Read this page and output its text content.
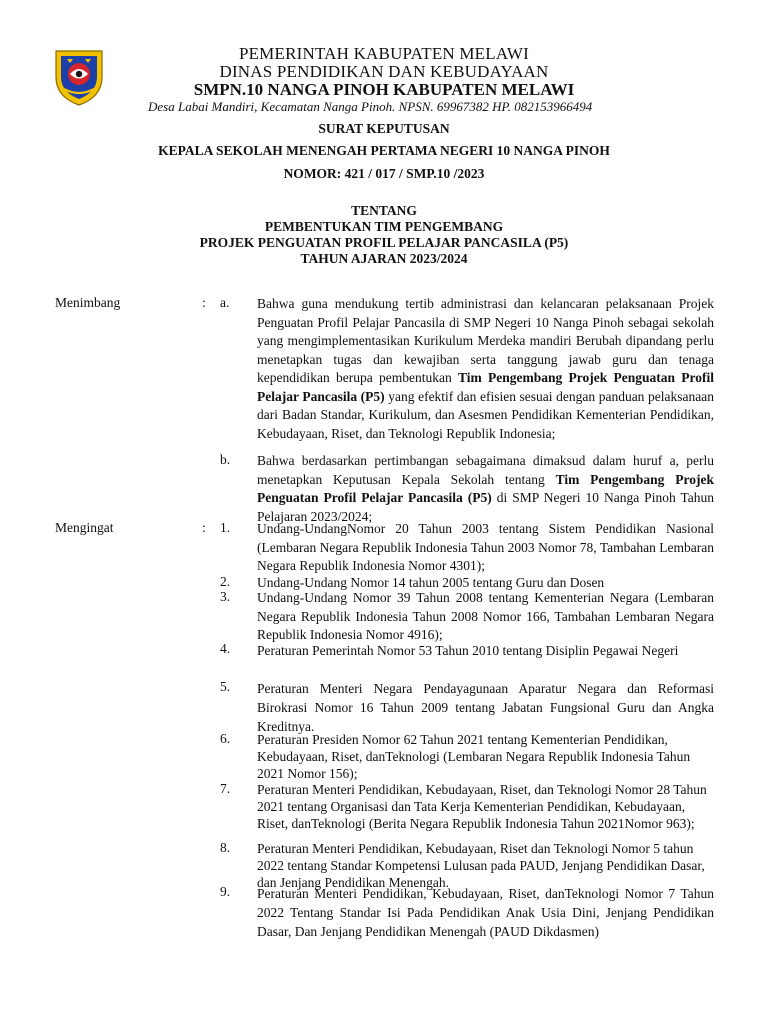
PEMERINTAH KABUPATEN MELAWI
DINAS PENDIDIKAN DAN KEBUDAYAAN
SMPN.10 NANGA PINOH KABUPATEN MELAWI
Desa Labai Mandiri, Kecamatan Nanga Pinoh. NPSN. 69967382 HP. 082153966494
SURAT KEPUTUSAN
KEPALA SEKOLAH MENENGAH PERTAMA NEGERI 10 NANGA PINOH
NOMOR: 421 / 017 / SMP.10 /2023
TENTANG
PEMBENTUKAN TIM PENGEMBANG
PROJEK PENGUATAN PROFIL PELAJAR PANCASILA (P5)
TAHUN AJARAN 2023/2024
Menimbang	: a. Bahwa guna mendukung tertib administrasi dan kelancaran pelaksanaan Projek Penguatan Profil Pelajar Pancasila di SMP Negeri 10 Nanga Pinoh sebagai sekolah yang mengimplementasikan Kurikulum Merdeka mandiri Berubah dipandang perlu menetapkan tugas dan kewajiban serta tanggung jawab guru dan tenaga kependidikan berupa pembentukan Tim Pengembang Projek Penguatan Profil Pelajar Pancasila (P5) yang efektif dan efisien sesuai dengan panduan pelaksanaan dari Badan Standar, Kurikulum, dan Asesmen Pendidikan Kementerian Pendidikan, Kebudayaan, Riset, dan Teknologi Republik Indonesia;
b. Bahwa berdasarkan pertimbangan sebagaimana dimaksud dalam huruf a, perlu menetapkan Keputusan Kepala Sekolah tentang Tim Pengembang Projek Penguatan Profil Pelajar Pancasila (P5) di SMP Negeri 10 Nanga Pinoh Tahun Pelajaran 2023/2024;
Mengingat	: 1. Undang-UndangNomor 20 Tahun 2003 tentang Sistem Pendidikan Nasional (Lembaran Negara Republik Indonesia Tahun 2003 Nomor 78, Tambahan Lembaran Negara Republik Indonesia Nomor 4301);
2. Undang-Undang Nomor 14 tahun 2005 tentang Guru dan Dosen
3. Undang-Undang Nomor 39 Tahun 2008 tentang Kementerian Negara (Lembaran Negara Republik Indonesia Tahun 2008 Nomor 166, Tambahan Lembaran Negara Republik Indonesia Nomor 4916);
4. Peraturan Pemerintah Nomor 53 Tahun 2010 tentang Disiplin Pegawai Negeri
5. Peraturan Menteri Negara Pendayagunaan Aparatur Negara dan Reformasi Birokrasi Nomor 16 Tahun 2009 tentang Jabatan Fungsional Guru dan Angka Kreditnya.
6. Peraturan Presiden Nomor 62 Tahun 2021 tentang Kementerian Pendidikan, Kebudayaan, Riset, danTeknologi (Lembaran Negara Republik Indonesia Tahun 2021 Nomor 156);
7. Peraturan Menteri Pendidikan, Kebudayaan, Riset, dan Teknologi Nomor 28 Tahun 2021 tentang Organisasi dan Tata Kerja Kementerian Pendidikan, Kebudayaan, Riset, danTeknologi (Berita Negara Republik Indonesia Tahun 2021Nomor 963);
8. Peraturan Menteri Pendidikan, Kebudayaan, Riset dan Teknologi Nomor 5 tahun 2022 tentang Standar Kompetensi Lulusan pada PAUD, Jenjang Pendidikan Dasar, dan Jenjang Pendidikan Menengah.
9. Peraturan Menteri Pendidikan, Kebudayaan, Riset, danTeknologi Nomor 7 Tahun 2022 Tentang Standar Isi Pada Pendidikan Anak Usia Dini, Jenjang Pendidikan Dasar, Dan Jenjang Pendidikan Menengah (PAUD Dikdasmen)
